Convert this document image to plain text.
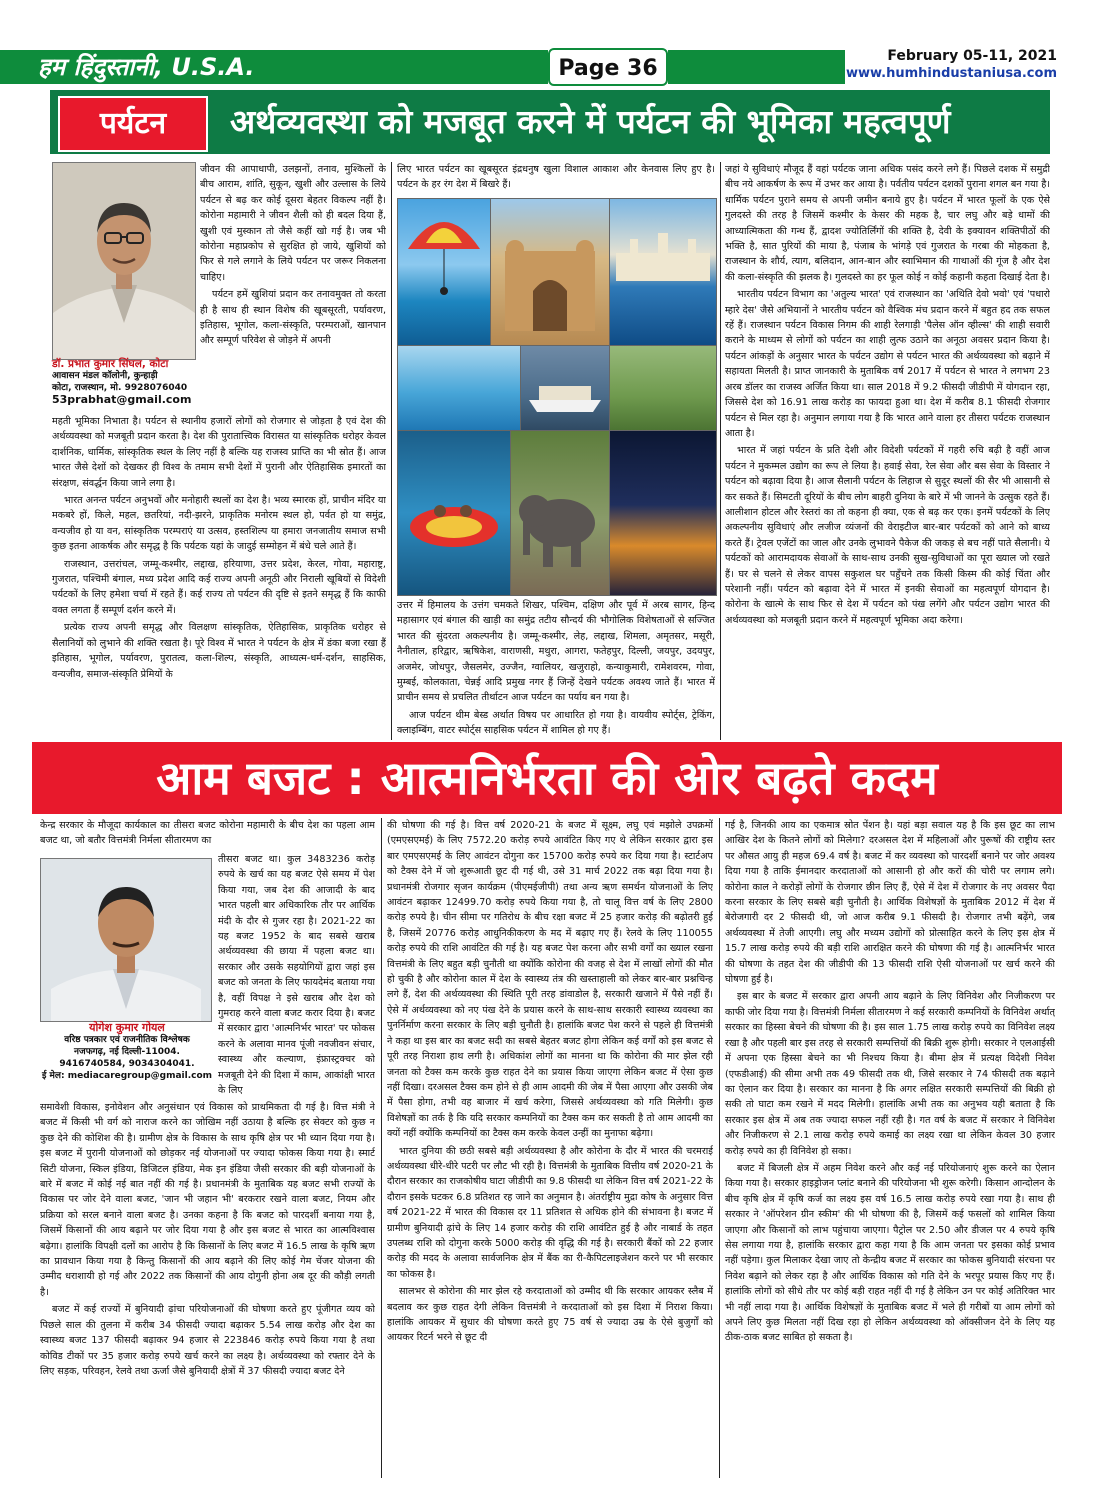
हम हिंदुस्तानी, U.S.A.	Page 36	February 05-11, 2021
www.humhindustaniusa.com
पर्यटन	अर्थव्यवस्था को मजबूत करने में पर्यटन की भूमिका महत्वपूर्ण
डॉ. प्रभात कुमार सिंघल, कोटा
आवासन मंडल कॉलोनी, कुन्हाड़ी
कोटा, राजस्थान, मो. 9928076040
53prabhat@gmail.com

जीवन की आपाधापी, उलझनों, तनाव, मुश्किलों के बीच आराम, शांति, सुकून, खुशी और उल्लास के लिये पर्यटन से बढ़ कर कोई दूसरा बेहतर विकल्प नहीं है। कोरोना महामारी ने जीवन शैली को ही बदल दिया हैं, खुशी एवं मुस्कान तो जैसे कहीं खो गई है। जब भी कोरोना महाप्रकोप से सुरक्षित हो जाये, खुशियों को फिर से गले लगाने के लिये पर्यटन पर जरूर निकलना चाहिए।

पर्यटन हमें खुशियां प्रदान कर तनावमुक्त तो करता ही है साथ ही स्थान विशेष की खूबसूरती, पर्यावरण, इतिहास, भूगोल, कला-संस्कृति, परम्पराओं, खानपान और सम्पूर्ण परिवेश से जोड़ने में अपनी

महती भूमिका निभाता है। पर्यटन से स्थानीय हजारों लोगों को रोजगार से जोड़ता है एवं देश की अर्थव्यवस्था को मजबूती प्रदान करता है। देश की पुरातात्त्विक विरासत या सांस्कृतिक धरोहर केवल दार्शनिक, धार्मिक, सांस्कृतिक स्थल के लिए नहीं है बल्कि यह राजस्व प्राप्ति का भी स्रोत हैं। आज भारत जैसे देशों को देखकर ही विश्व के तमाम सभी देशों में पुरानी और ऐतिहासिक इमारतों का संरक्षण, संवर्द्धन किया जाने लगा है।

भारत अनन्त पर्यटन अनुभवों और मनोहारी स्थलों का देश है। भव्य स्मारक हों, प्राचीन मंदिर या मकबरे हों, किले, महल, छतरियां, नदी-झरने, प्राकृतिक मनोरम स्थल हो, पर्वत हो या समुंद्र, वन्यजीव हो या वन, सांस्कृतिक परम्पराएं या उत्सव, हस्तशिल्प या हमारा जनजातीय समाज सभी कुछ इतना आकर्षक और समृद्ध है कि पर्यटक यहां के जादुई सम्मोहन में बंधे चले आते हैं।

राजस्थान, उत्तरांचल, जम्मू-कश्मीर, लद्दाख, हरियाणा, उत्तर प्रदेश, केरल, गोवा, महाराष्ट्र, गुजरात, पश्चिमी बंगाल, मध्य प्रदेश आदि कई राज्य अपनी अनूठी और निराली खूबियों से विदेशी पर्यटकों के लिए हमेशा चर्चा में रहते हैं। कई राज्य तो पर्यटन की दृष्टि से इतने समृद्ध हैं कि काफी वक्त लगता हैं सम्पूर्ण दर्शन करने में।

प्रत्येक राज्य अपनी समृद्ध और विलक्षण सांस्कृतिक, ऐतिहासिक, प्राकृतिक धरोहर से सैलानियों को लुभाने की शक्ति रखता है। पूरे विश्व में भारत ने पर्यटन के क्षेत्र में डंका बजा रखा हैं इतिहास, भूगोल, पर्यावरण, पुरातत्व, कला-शिल्प, संस्कृति, आध्यत्म-धर्म-दर्शन, साहसिक, वन्यजीव, समाज-संस्कृति प्रेमियों के

लिए भारत पर्यटन का खूबसूरत इंद्रधनुष खुला विशाल आकाश और केनवास लिए हुए है। पर्यटन के हर रंग देश में बिखरे हैं।

उत्तर में हिमालय के उत्तंग चमकते शिखर, पश्चिम, दक्षिण और पूर्व में अरब सागर, हिन्द महासागर एवं बंगाल की खाड़ी का समुंद्र तटीय सौन्दर्य की भौगोलिक विशेषताओं से सज्जित भारत की सुंदरता अकल्पनीय है। जम्मू-कश्मीर, लेह, लद्दाख, शिमला, अमृतसर, मसूरी, नैनीताल, हरिद्वार, ऋषिकेश, वाराणसी, मथुरा, आगरा, फतेहपुर, दिल्ली, जयपुर, उदयपुर, अजमेर, जोधपुर, जैसलमेर, उज्जैन, ग्वालियर, खजुराहो, कन्याकुमारी, रामेशवरम, गोवा, मुम्बई, कोलकाता, चेन्नई आदि प्रमुख नगर हैं जिन्हें देखने पर्यटक अवश्य जाते हैं। भारत में प्राचीन समय से प्रचलित तीर्थाटन आज पर्यटन का पर्याय बन गया है।

आज पर्यटन थीम बेस्ड अर्थात विषय पर आधारित हो गया है। वायवीय स्पोर्ट्स, ट्रेकिंग, क्लाइम्बिंग, वाटर स्पोर्ट्स साहसिक पर्यटन में शामिल हो गए हैं।

जहां ये सुविधाएं मौजूद हैं वहां पर्यटक जाना अधिक पसंद करने लगे हैं। पिछले दशक में समुद्री बीच नये आकर्षण के रूप में उभर कर आया है। पर्वतीय पर्यटन दशकों पुराना शगल बन गया है। धार्मिक पर्यटन पुराने समय से अपनी जमीन बनाये हुए है। पर्यटन में भारत फूलों के एक ऐसे गुलदस्ते की तरह है जिसमें कश्मीर के केसर की महक है, चार लघु और बड़े धामों की आध्यात्मिकता की गन्ध हैं, द्वादश ज्योतिर्लिंगों की शक्ति है, देवी के इक्यावन शक्तिपीठों की भक्ति है, सात पुरियों की माया है, पंजाब के भांगड़े एवं गुजरात के गरबा की मोहकता है, राजस्थान के शौर्य, त्याग, बलिदान, आन-बान और स्वाभिमान की गाथाओं की गूंज है और देश की कला-संस्कृति की झलक है। गुलदस्ते का हर फूल कोई न कोई कहानी कहता दिखाई देता है।

भारतीय पर्यटन विभाग का 'अतुल्य भारत' एवं राजस्थान का 'अथिति देवो भवो' एवं 'पधारो म्हारे देस' जैसे अभियानों ने भारतीय पर्यटन को वैश्विक मंच प्रदान करने में बहुत हद तक सफल रहें हैं। राजस्थान पर्यटन विकास निगम की शाही रेलगाड़ी 'पैलेस ऑन व्हील्स' की शाही सवारी कराने के माध्यम से लोगों को पर्यटन का शाही लुत्फ उठाने का अनूठा अवसर प्रदान किया है। पर्यटन आंकड़ों के अनुसार भारत के पर्यटन उद्योग से पर्यटन भारत की अर्थव्यवस्था को बढ़ाने में सहायता मिलती है। प्राप्त जानकारी के मुताबिक वर्ष 2017 में पर्यटन से भारत ने लगभग 23 अरब डॉलर का राजस्व अर्जित किया था। साल 2018 में 9.2 फीसदी जीडीपी में योगदान रहा, जिससे देश को 16.91 लाख करोड़ का फायदा हुआ था। देश में करीब 8.1 फीसदी रोजगार पर्यटन से मिल रहा है। अनुमान लगाया गया है कि भारत आने वाला हर तीसरा पर्यटक राजस्थान आता है।

भारत में जहां पर्यटन के प्रति देशी और विदेशी पर्यटकों में गहरी रुचि बढ़ी है वहीं आज पर्यटन ने मुकम्मल उद्योग का रूप ले लिया है। हवाई सेवा, रेल सेवा और बस सेवा के विस्तार ने पर्यटन को बढ़ावा दिया है। आज सैलानी पर्यटन के लिहाज से सुदूर स्थलों की सैर भी आसानी से कर सकते हैं। सिमटती दूरियों के बीच लोग बाहरी दुनिया के बारे में भी जानने के उत्सुक रहते हैं। आलीशान होटल और रेस्तरां का तो कहना ही क्या, एक से बढ़ कर एक। इनमें पर्यटकों के लिए अकल्पनीय सुविधाएं और लजीज व्यंजनों की वेराइटीज बार-बार पर्यटकों को आने को बाध्य करते हैं। ट्रेवल एजेंटों का जाल और उनके लुभावने पैकेज की जकड़ से बच नहीं पाते सैलानी। ये पर्यटकों को आरामदायक सेवाओं के साथ-साथ उनकी सुख-सुविधाओं का पूरा ख्याल जो रखते हैं। घर से चलने से लेकर वापस सकुशल घर पहुँचने तक किसी किस्म की कोई चिंता और परेशानी नहीं। पर्यटन को बढ़ावा देने में भारत में इनकी सेवाओं का महत्वपूर्ण योगदान है। कोरोना के खात्मे के साथ फिर से देश में पर्यटन को पंख लगेंगे और पर्यटन उद्योग भारत की अर्थव्यवस्था को मजबूती प्रदान करने में महत्वपूर्ण भूमिका अदा करेगा।

आम बजट : आत्मनिर्भरता की ओर बढ़ते कदम
योगेश कुमार गोयल
वरिष्ठ पत्रकार एवं राजनीतिक विश्लेषक
नजफगढ़, नई दिल्ली-11004.
9416740584, 9034304041.
ई मेल: mediacaregroup@gmail.com

केन्द्र सरकार के मौजूदा कार्यकाल का तीसरा बजट कोरोना महामारी के बीच देश का पहला आम बजट था, जो बतौर वित्तमंत्री निर्मला सीतारमण का

तीसरा बजट था। कुल 3483236 करोड़ रुपये के खर्च का यह बजट ऐसे समय में पेश किया गया, जब देश की आजादी के बाद भारत पहली बार अधिकारिक तौर पर आर्थिक मंदी के दौर से गुजर रहा है। 2021-22 का यह बजट 1952 के बाद सबसे खराब अर्थव्यवस्था की छाया में पहला बजट था। सरकार और उसके सहयोगियों द्वारा जहां इस बजट को जनता के लिए फायदेमंद बताया गया है, वहीं विपक्ष ने इसे खराब और देश को गुमराह करने वाला बजट करार दिया है। बजट में सरकार द्वारा 'आत्मनिर्भर भारत' पर फोकस करने के अलावा मानव पूंजी नवजीवन संचार, स्वास्थ्य और कल्याण, इंफ्रास्ट्रक्चर को मजबूती देने की दिशा में काम, आकांक्षी भारत के लिए

समावेशी विकास, इनोवेशन और अनुसंधान एवं विकास को प्राथमिकता दी गई है। वित्त मंत्री ने बजट में किसी भी वर्ग को नाराज करने का जोखिम नहीं उठाया है बल्कि हर सेक्टर को कुछ न कुछ देने की कोशिश की है। ग्रामीण क्षेत्र के विकास के साथ कृषि क्षेत्र पर भी ध्यान दिया गया है। इस बजट में पुरानी योजनाओं को छोड़कर नई योजनाओं पर ज्यादा फोकस किया गया है। स्मार्ट सिटी योजना, स्किल इंडिया, डिजिटल इंडिया, मेक इन इंडिया जैसी सरकार की बड़ी योजनाओं के बारे में बजट में कोई नई बात नहीं की गई है। प्रधानमंत्री के मुताबिक यह बजट सभी राज्यों के विकास पर जोर देने वाला बजट, 'जान भी जहान भी' बरकरार रखने वाला बजट, नियम और प्रक्रिया को सरल बनाने वाला बजट है। उनका कहना है कि बजट को पारदर्शी बनाया गया है, जिसमें किसानों की आय बढ़ाने पर जोर दिया गया है और इस बजट से भारत का आत्मविश्वास बढ़ेगा। हालांकि विपक्षी दलों का आरोप है कि किसानों के लिए बजट में 16.5 लाख के कृषि ऋण का प्रावधान किया गया है किन्तु किसानों की आय बढ़ाने की लिए कोई गेम चेंजर योजना की उम्मीद धराशायी हो गई और 2022 तक किसानों की आय दोगुनी होना अब दूर की कौड़ी लगती है।

बजट में कई राज्यों में बुनियादी ढ़ांचा परियोजनाओं की घोषणा करते हुए पूंजीगत व्यय को पिछले साल की तुलना में करीब 34 फीसदी ज्यादा बढ़ाकर 5.54 लाख करोड़ और देश का स्वास्थ्य बजट 137 फीसदी बढ़ाकर 94 हजार से 223846 करोड़ रुपये किया गया है तथा कोविड टीकों पर 35 हजार करोड़ रुपये खर्च करने का लक्ष्य है। अर्थव्यवस्था को रफ्तार देने के लिए सड़क, परिवहन, रेलवे तथा ऊर्जा जैसे बुनियादी क्षेत्रों में 37 फीसदी ज्यादा बजट देने

की घोषणा की गई है। वित्त वर्ष 2020-21 के बजट में सूक्ष्म, लघु एवं मझोले उपक्रमों (एमएसएमई) के लिए 7572.20 करोड़ रुपये आवंटित किए गए थे लेकिन सरकार द्वारा इस बार एमएसएमई के लिए आवंटन दोगुना कर 15700 करोड़ रुपये कर दिया गया है। स्टार्टअप को टैक्स देने में जो शुरूआती छूट दी गई थी, उसे 31 मार्च 2022 तक बढ़ा दिया गया है। प्रधानमंत्री रोजगार सृजन कार्यक्रम (पीएमईजीपी) तथा अन्य ऋण समर्थन योजनाओं के लिए आवंटन बढ़ाकर 12499.70 करोड़ रुपये किया गया है, तो चालू वित्त वर्ष के लिए 2800 करोड़ रुपये है। चीन सीमा पर गतिरोध के बीच रक्षा बजट में 25 हजार करोड़ की बढ़ोतरी हुई है, जिसमें 20776 करोड़ आधुनिकीकरण के मद में बढ़ाए गए हैं। रेलवे के लिए 110055 करोड़ रुपये की राशि आवंटित की गई है। यह बजट पेश करना और सभी वर्गों का ख्याल रखना वित्तमंत्री के लिए बहुत बड़ी चुनौती था क्योंकि कोरोना की वजह से देश में लाखों लोगों की मौत हो चुकी है और कोरोना काल में देश के स्वास्थ्य तंत्र की खस्ताहाली को लेकर बार-बार प्रश्नचिन्ह लगे हैं, देश की अर्थव्यवस्था की स्थिति पूरी तरह डांवाडोल है, सरकारी खजाने में पैसे नहीं हैं। ऐसे में अर्थव्यवस्था को नए पंख देने के प्रयास करने के साथ-साथ सरकारी स्वास्थ्य व्यवस्था का पुनर्निर्माण करना सरकार के लिए बड़ी चुनौती है। हालांकि बजट पेश करने से पहले ही वित्तमंत्री ने कहा था इस बार का बजट सदी का सबसे बेहतर बजट होगा लेकिन कई वर्गों को इस बजट से पूरी तरह निराशा हाथ लगी है। अधिकांश लोगों का मानना था कि कोरोना की मार झेल रही जनता को टैक्स कम करके कुछ राहत देने का प्रयास किया जाएगा लेकिन बजट में ऐसा कुछ नहीं दिखा। दरअसल टैक्स कम होने से ही आम आदमी की जेब में पैसा आएगा और उसकी जेब में पैसा होगा, तभी वह बाजार में खर्च करेगा, जिससे अर्थव्यवस्था को गति मिलेगी। कुछ विशेषज्ञों का तर्क है कि यदि सरकार कम्पनियों का टैक्स कम कर सकती है तो आम आदमी का क्यों नहीं क्योंकि कम्पनियों का टैक्स कम करके केवल उन्हीं का मुनाफा बढ़ेगा।

भारत दुनिया की छठी सबसे बड़ी अर्थव्यवस्था है और कोरोना के दौर में भारत की चरमराई अर्थव्यवस्था धीरे-धीरे पटरी पर लौट भी रही है। वित्तमंत्री के मुताबिक वित्तीय वर्ष 2020-21 के दौरान सरकार का राजकोषीय घाटा जीडीपी का 9.8 फीसदी था लेकिन वित्त वर्ष 2021-22 के दौरान इसके घटकर 6.8 प्रतिशत रह जाने का अनुमान है। अंतर्राष्ट्रीय मुद्रा कोष के अनुसार वित्त वर्ष 2021-22 में भारत की विकास दर 11 प्रतिशत से अधिक होने की संभावना है। बजट में ग्रामीण बुनियादी ढ़ांचे के लिए 14 हजार करोड़ की राशि आवंटित हुई है और नाबार्ड के तहत उपलब्ध राशि को दोगुना करके 5000 करोड़ की वृद्धि की गई है। सरकारी बैंकों को 22 हजार करोड़ की मदद के अलावा सार्वजनिक क्षेत्र में बैंक का री-कैपिटलाइजेशन करने पर भी सरकार का फोकस है।

सालभर से कोरोना की मार झेल रहे करदाताओं को उम्मीद थी कि सरकार आयकर स्लैब में बदलाव कर कुछ राहत देगी लेकिन वित्तमंत्री ने करदाताओं को इस दिशा में निराश किया। हालांकि आयकर में सुधार की घोषणा करते हुए 75 वर्ष से ज्यादा उम्र के ऐसे बुजुर्गों को आयकर रिटर्न भरने से छूट दी

गई है, जिनकी आय का एकमात्र स्रोत पेंशन है। यहां बड़ा सवाल यह है कि इस छूट का लाभ आखिर देश के कितने लोगों को मिलेगा? दरअसल देश में महिलाओं और पुरूषों की राष्ट्रीय स्तर पर औसत आयु ही महज 69.4 वर्ष है। बजट में कर व्यवस्था को पारदर्शी बनाने पर जोर अवश्य दिया गया है ताकि ईमानदार करदाताओं को आसानी हो और करों की चोरी पर लगाम लगे। कोरोना काल ने करोड़ों लोगों के रोजगार छीन लिए हैं, ऐसे में देश में रोजगार के नए अवसर पैदा करना सरकार के लिए सबसे बड़ी चुनौती है। आर्थिक विशेषज्ञों के मुताबिक 2012 में देश में बेरोजगारी दर 2 फीसदी थी, जो आज करीब 9.1 फीसदी है। रोजगार तभी बढ़ेंगे, जब अर्थव्यवस्था में तेजी आएगी। लघु और मध्यम उद्योगों को प्रोत्साहित करने के लिए इस क्षेत्र में 15.7 लाख करोड़ रुपये की बड़ी राशि आरक्षित करने की घोषणा की गई है। आत्मनिर्भर भारत की घोषणा के तहत देश की जीडीपी की 13 फीसदी राशि ऐसी योजनाओं पर खर्च करने की घोषणा हुई है।

इस बार के बजट में सरकार द्वारा अपनी आय बढ़ाने के लिए विनिवेश और निजीकरण पर काफी जोर दिया गया है। वित्तमंत्री निर्मला सीतारमण ने कई सरकारी कम्पनियों के विनिवेश अर्थात् सरकार का हिस्सा बेचने की घोषणा की है। इस साल 1.75 लाख करोड़ रुपये का विनिवेश लक्ष्य रखा है और पहली बार इस तरह से सरकारी सम्पत्तियों की बिक्री शुरू होगी। सरकार ने एलआईसी में अपना एक हिस्सा बेचने का भी निश्चय किया है। बीमा क्षेत्र में प्रत्यक्ष विदेशी निवेश (एफडीआई) की सीमा अभी तक 49 फीसदी तक थी, जिसे सरकार ने 74 फीसदी तक बढ़ाने का ऐलान कर दिया है। सरकार का मानना है कि अगर लक्षित सरकारी सम्पत्तियों की बिक्री हो सकी तो घाटा कम रखने में मदद मिलेगी। हालांकि अभी तक का अनुभव यही बताता है कि सरकार इस क्षेत्र में अब तक ज्यादा सफल नहीं रही है। गत वर्ष के बजट में सरकार ने विनिवेश और निजीकरण से 2.1 लाख करोड़ रुपये कमाई का लक्ष्य रखा था लेकिन केवल 30 हजार करोड़ रुपये का ही विनिवेश हो सका।

बजट में बिजली क्षेत्र में अहम निवेश करने और कई नई परियोजनाएं शुरू करने का ऐलान किया गया है। सरकार हाइड्रोजन प्लांट बनाने की परियोजना भी शुरू करेगी। किसान आन्दोलन के बीच कृषि क्षेत्र में कृषि कर्ज का लक्ष्य इस वर्ष 16.5 लाख करोड़ रुपये रखा गया है। साथ ही सरकार ने 'ऑपरेशन ग्रीन स्कीम' की भी घोषणा की है, जिसमें कई फसलों को शामिल किया जाएगा और किसानों को लाभ पहुंचाया जाएगा। पैट्रोल पर 2.50 और डीजल पर 4 रुपये कृषि सेस लगाया गया है, हालांकि सरकार द्वारा कहा गया है कि आम जनता पर इसका कोई प्रभाव नहीं पड़ेगा। कुल मिलाकर देखा जाए तो केन्द्रीय बजट में सरकार का फोकस बुनियादी संरचना पर निवेश बढ़ाने को लेकर रहा है और आर्थिक विकास को गति देने के भरपूर प्रयास किए गए हैं। हालांकि लोगों को सीधे तौर पर कोई बड़ी राहत नहीं दी गई है लेकिन उन पर कोई अतिरिक्त भार भी नहीं लादा गया है। आर्थिक विशेषज्ञों के मुताबिक बजट में भले ही गरीबों या आम लोगों को अपने लिए कुछ मिलता नहीं दिख रहा हो लेकिन अर्थव्यवस्था को ऑक्सीजन देने के लिए यह ठीक-ठाक बजट साबित हो सकता है।
